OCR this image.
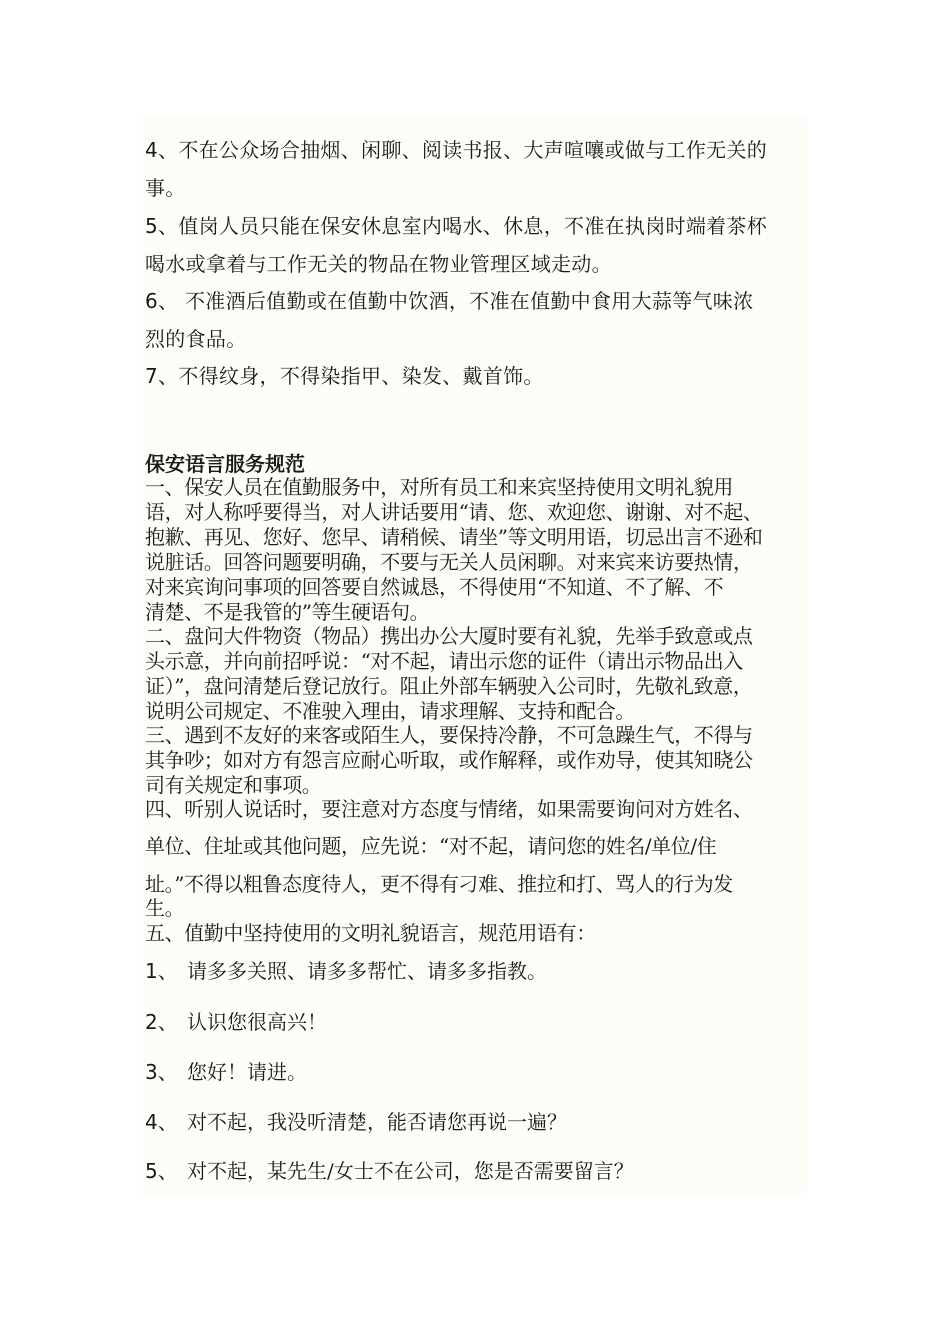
4、不在公众场合抽烟、闲聊、阅读书报、大声喧嚷或做与工作无关的
事。
5、值岗人员只能在保安休息室内喝水、休息，不准在执岗时端着茶杯
喝水或拿着与工作无关的物品在物业管理区域走动。
6、 不准酒后值勤或在值勤中饮酒，不准在值勤中食用大蒜等气味浓
烈的食品。
7、不得纹身，不得染指甲、染发、戴首饰。
保安语言服务规范
一、保安人员在值勤服务中，对所有员工和来宾坚持使用文明礼貌用
语，对人称呼要得当，对人讲话要用“请、您、欢迎您、谢谢、对不起、
抱歉、再见、您好、您早、请稍候、请坐”等文明用语，切忌出言不逊和
说脏话。回答问题要明确，不要与无关人员闲聊。对来宾来访要热情，
对来宾询问事项的回答要自然诚恳，不得使用“不知道、不了解、不
清楚、不是我管的”等生硬语句。
二、盘问大件物资（物品）携出办公大厦时要有礼貌，先举手致意或点
头示意，并向前招呼说：“对不起，请出示您的证件（请出示物品出入
证）”，盘问清楚后登记放行。阻止外部车辆驶入公司时，先敬礼致意，
说明公司规定、不准驶入理由，请求理解、支持和配合。
三、遇到不友好的来客或陌生人，要保持冷静，不可急躁生气，不得与
其争吵；如对方有怨言应耐心听取，或作解释，或作劝导，使其知晓公
司有关规定和事项。
四、听别人说话时，要注意对方态度与情绪，如果需要询问对方姓名、
单位、住址或其他问题，应先说：“对不起，请问您的姓名/单位/住
址。”不得以粗鲁态度待人，更不得有刁难、推拉和打、骂人的行为发
生。
五、值勤中坚持使用的文明礼貌语言，规范用语有：
1、 请多多关照、请多多帮忙、请多多指教。
2、 认识您很高兴！
3、 您好！请进。
4、 对不起，我没听清楚，能否请您再说一遍？
5、 对不起，某先生/女士不在公司，您是否需要留言？
